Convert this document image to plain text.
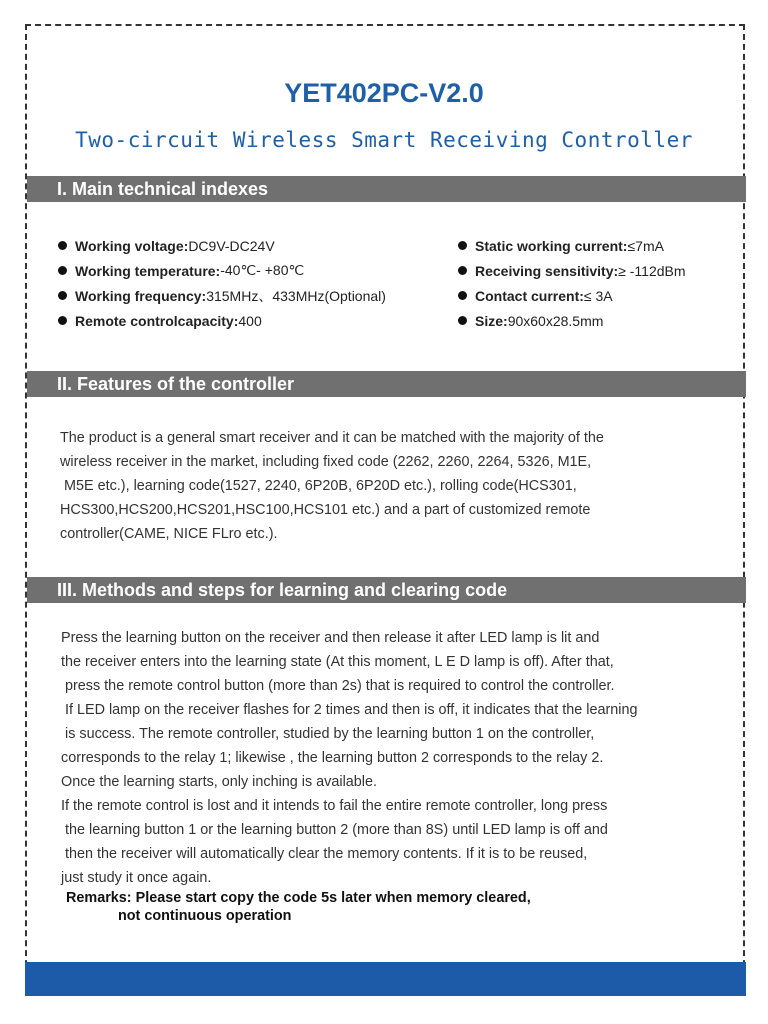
YET402PC-V2.0
Two-circuit Wireless Smart Receiving Controller
I. Main technical indexes
Working voltage: DC9V-DC24V
Working temperature: -40℃- +80℃
Working frequency: 315MHz、433MHz(Optional)
Remote controlcapacity: 400
Static working current: ≤7mA
Receiving sensitivity: ≥ -112dBm
Contact current: ≤ 3A
Size: 90x60x28.5mm
II. Features of the controller

The product is a general smart receiver and it can be matched with the majority of the

wireless receiver in the market, including fixed code (2262, 2260, 2264, 5326, M1E,

M5E etc.), learning code(1527, 2240, 6P20B, 6P20D etc.), rolling code(HCS301,

HCS300,HCS200,HCS201,HSC100,HCS101 etc.) and a part of customized remote

controller(CAME, NICE FLro etc.).

III. Methods and steps for learning and clearing code

Press the learning button on the receiver and then release it after LED lamp is lit and

the receiver enters into the learning state (At this moment, L E D lamp is off). After that,

press the remote control button (more than 2s) that is required to control the controller.

If LED lamp on the receiver flashes for 2 times and then is off, it indicates that the learning

is success. The remote controller, studied by the learning button 1 on the controller,

corresponds to the relay 1; likewise , the learning button 2 corresponds to the relay 2.

Once the learning starts, only inching is available.

If the remote control is lost and it intends to fail the entire remote controller, long press

the learning button 1 or the learning button 2 (more than 8S) until LED lamp is off and

then the receiver will automatically clear the memory contents. If it is to be reused,

just study it once again.

Remarks: Please start copy the code 5s later when memory cleared,

not continuous operation
